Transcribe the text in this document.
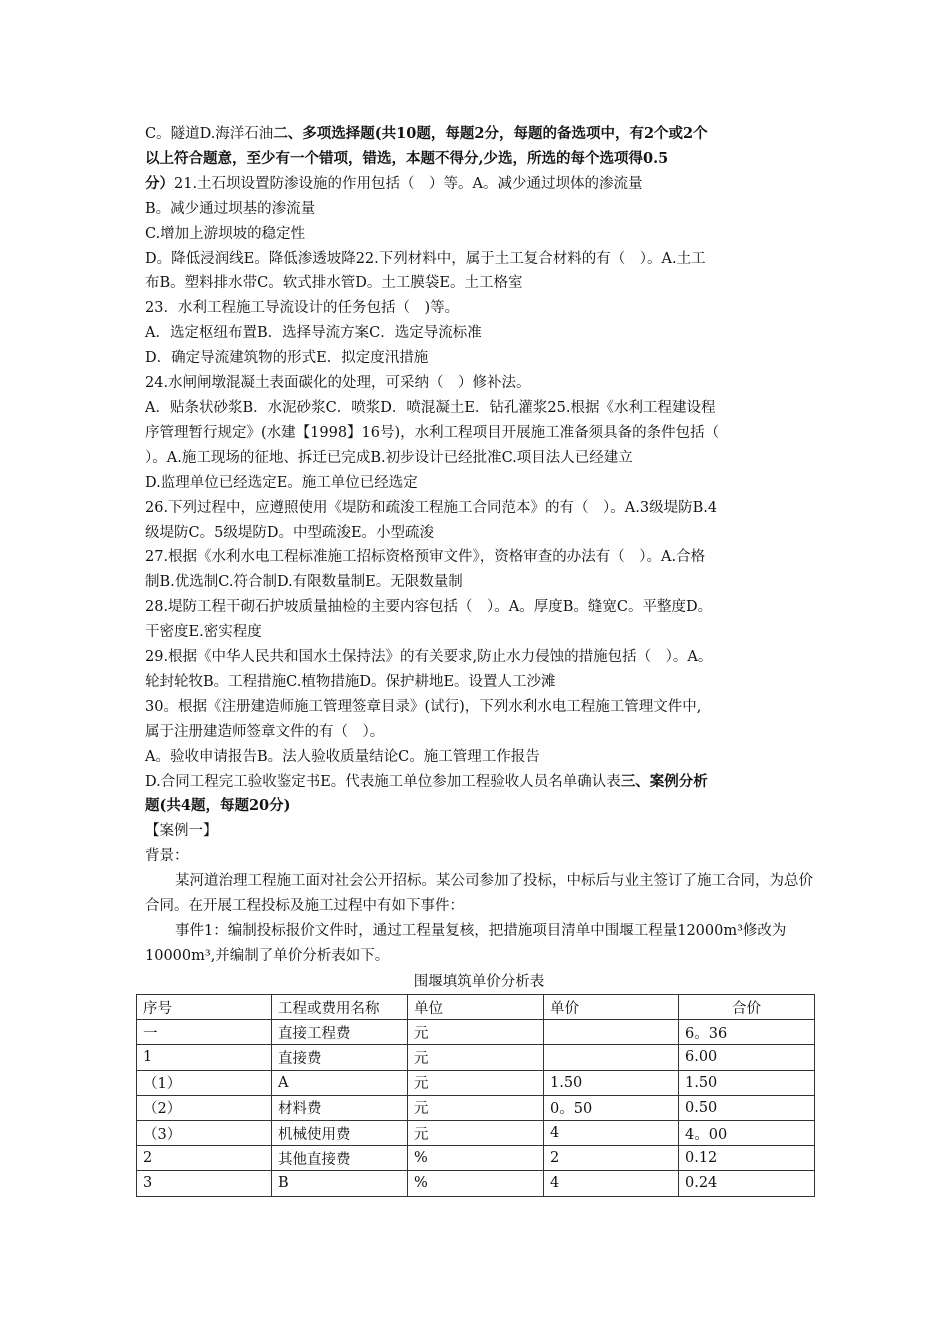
C。隧道D.海洋石油二、多项选择题(共10题，每题2分，每题的备选项中，有2个或2个
以上符合题意，至少有一个错项，错选，本题不得分,少选，所选的每个选项得0.5
分）21.土石坝设置防渗设施的作用包括（　）等。A。减少通过坝体的渗流量
B。减少通过坝基的渗流量
C.增加上游坝坡的稳定性
D。降低浸润线E。降低渗透坡降22.下列材料中，属于土工复合材料的有（　）。A.土工
布B。塑料排水带C。软式排水管D。土工膜袋E。土工格室
23．水利工程施工导流设计的任务包括（　)等。
A．选定枢纽布置B．选择导流方案C．选定导流标准
D．确定导流建筑物的形式E．拟定度汛措施
24.水闸闸墩混凝土表面碳化的处理，可采纳（　）修补法。
A．贴条状砂浆B．水泥砂浆C．喷浆D．喷混凝土E．钻孔灌浆25.根据《水利工程建设程
序管理暂行规定》(水建【1998】16号)，水利工程项目开展施工准备须具备的条件包括（
）。A.施工现场的征地、拆迁已完成B.初步设计已经批准C.项目法人已经建立
D.监理单位已经选定E。施工单位已经选定
26.下列过程中，应遵照使用《堤防和疏浚工程施工合同范本》的有（　）。A.3级堤防B.4
级堤防C。5级堤防D。中型疏浚E。小型疏浚
27.根据《水利水电工程标准施工招标资格预审文件》，资格审查的办法有（　）。A.合格
制B.优选制C.符合制D.有限数量制E。无限数量制
28.堤防工程干砌石护坡质量抽检的主要内容包括（　）。A。厚度B。缝宽C。平整度D。
干密度E.密实程度
29.根据《中华人民共和国水土保持法》的有关要求,防止水力侵蚀的措施包括（　）。A。
轮封轮牧B。工程措施C.植物措施D。保护耕地E。设置人工沙滩
30。根据《注册建造师施工管理签章目录》(试行)，下列水利水电工程施工管理文件中,
属于注册建造师签章文件的有（　）。
A。验收申请报告B。法人验收质量结论C。施工管理工作报告
D.合同工程完工验收鉴定书E。代表施工单位参加工程验收人员名单确认表三、案例分析
题(共4题，每题20分)
【案例一】
背景：
某河道治理工程施工面对社会公开招标。某公司参加了投标，中标后与业主签订了施工合同，为总价合同。在开展工程投标及施工过程中有如下事件：
事件1：编制投标报价文件时，通过工程量复核，把措施项目清单中围堰工程量12000m³修改为10000m³,并编制了单价分析表如下。
围堰填筑单价分析表
序号	工程或费用名称	单位	单价	合价
一	直接工程费	元		6。36
1	直接费	元		6.00
（1）	A	元	1.50	1.50
（2）	材料费	元	0。50	0.50
（3）	机械使用费	元	4	4。00
2	其他直接费	%	2	0.12
3	B	%	4	0.24
